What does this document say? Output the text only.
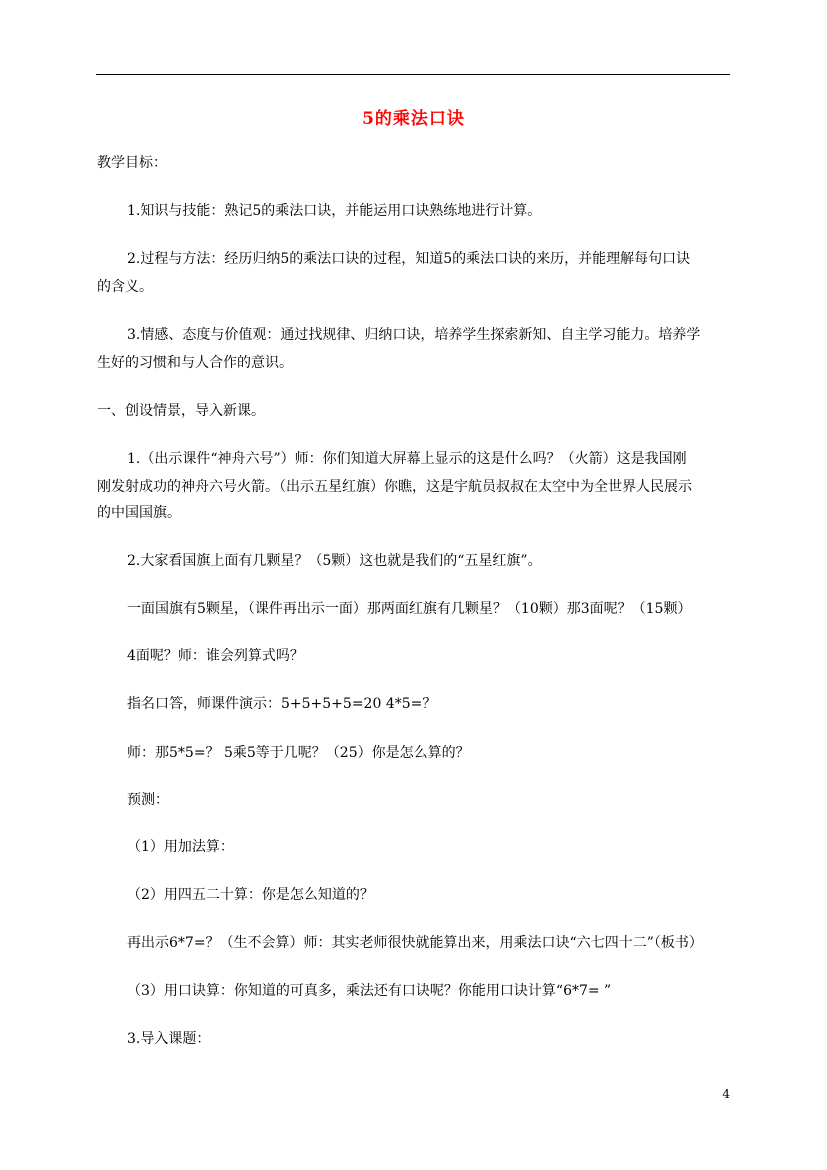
5的乘法口诀
教学目标：
1.知识与技能：熟记5的乘法口诀，并能运用口诀熟练地进行计算。
2.过程与方法：经历归纳5的乘法口诀的过程，知道5的乘法口诀的来历，并能理解每句口诀
的含义。
3.情感、态度与价值观：通过找规律、归纳口诀，培养学生探索新知、自主学习能力。培养学
生好的习惯和与人合作的意识。
一、创设情景，导入新课。
1.（出示课件“神舟六号”）师：你们知道大屏幕上显示的这是什么吗？（火箭）这是我国刚
刚发射成功的神舟六号火箭。（出示五星红旗）你瞧，这是宇航员叔叔在太空中为全世界人民展示
的中国国旗。
2.大家看国旗上面有几颗星？（5颗）这也就是我们的“五星红旗”。
一面国旗有5颗星，（课件再出示一面）那两面红旗有几颗星？（10颗）那3面呢？（15颗）
4面呢？师：谁会列算式吗？
指名口答，师课件演示：5+5+5+5=20 4*5=？
师：那5*5=？ 5乘5等于几呢？（25）你是怎么算的？
预测：
（1）用加法算：
（2）用四五二十算：你是怎么知道的？
再出示6*7=？（生不会算）师：其实老师很快就能算出来，用乘法口诀“六七四十二”（板书）
（3）用口诀算：你知道的可真多，乘法还有口诀呢？你能用口诀计算“6*7= ”
3.导入课题：
4
